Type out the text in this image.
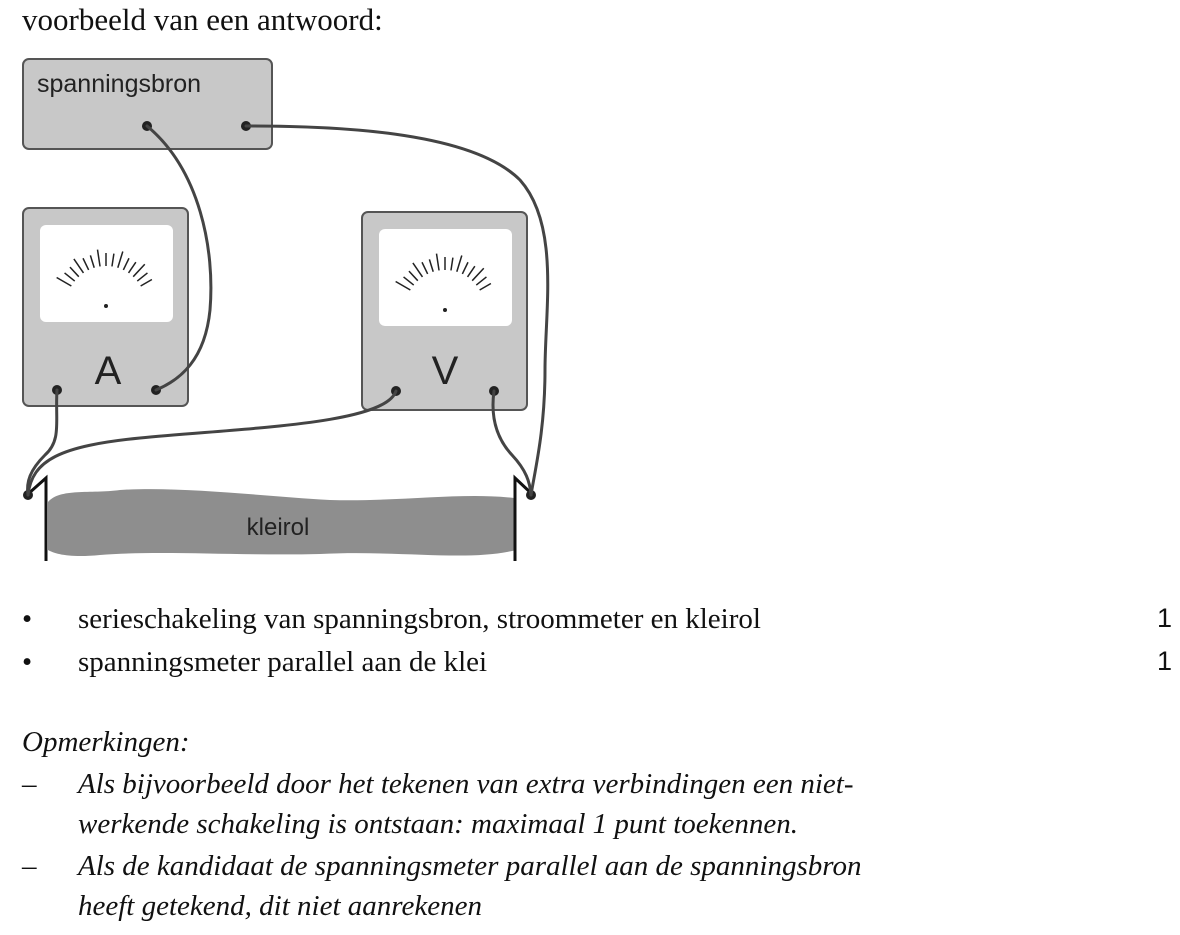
voorbeeld van een antwoord:
spanningsbron
A	V
kleirol
• serieschakeling van spanningsbron, stroommeter en kleirol	1
• spanningsmeter parallel aan de klei	1
Opmerkingen:
– Als bijvoorbeeld door het tekenen van extra verbindingen een niet-
werkende schakeling is ontstaan: maximaal 1 punt toekennen.
– Als de kandidaat de spanningsmeter parallel aan de spanningsbron
heeft getekend, dit niet aanrekenen
